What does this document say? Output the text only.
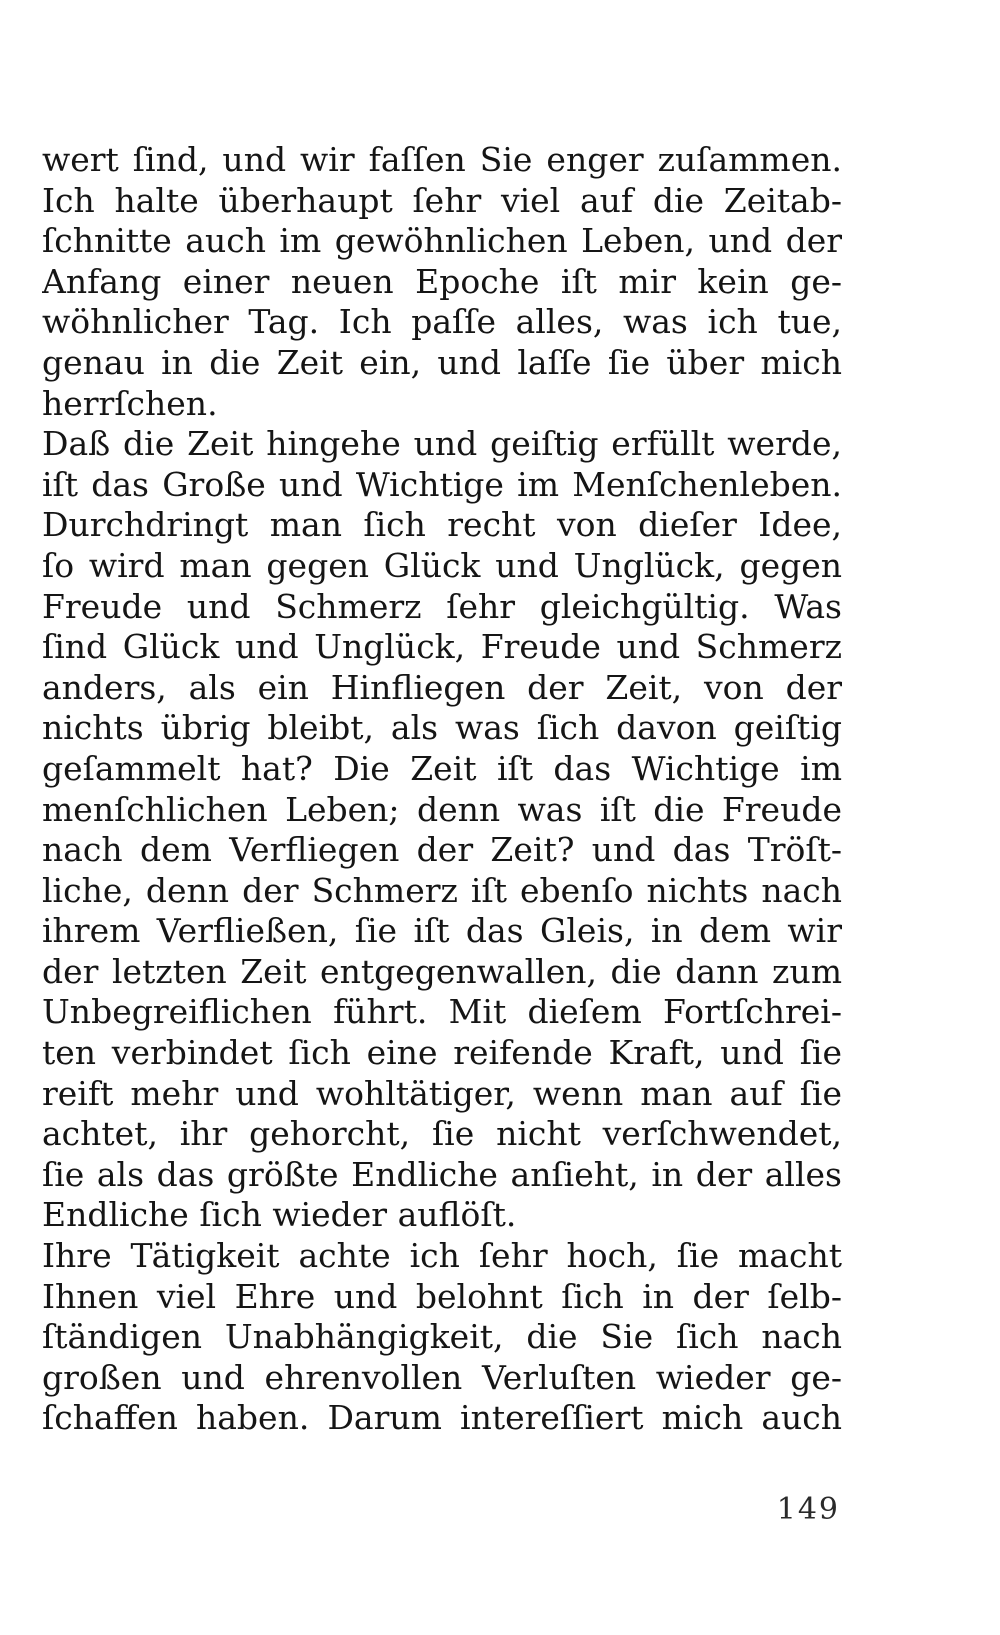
wert ſind, und wir faſſen Sie enger zuſammen.
Ich halte überhaupt ſehr viel auf die Zeitab-
ſchnitte auch im gewöhnlichen Leben, und der
Anfang einer neuen Epoche iſt mir kein ge-
wöhnlicher Tag. Ich paſſe alles, was ich tue,
genau in die Zeit ein, und laſſe ſie über mich
herrſchen.
Daß die Zeit hingehe und geiſtig erfüllt werde,
iſt das Große und Wichtige im Menſchenleben.
Durchdringt man ſich recht von dieſer Idee,
ſo wird man gegen Glück und Unglück, gegen
Freude und Schmerz ſehr gleichgültig. Was
ſind Glück und Unglück, Freude und Schmerz
anders, als ein Hinfliegen der Zeit, von der
nichts übrig bleibt, als was ſich davon geiſtig
geſammelt hat? Die Zeit iſt das Wichtige im
menſchlichen Leben; denn was iſt die Freude
nach dem Verfliegen der Zeit? und das Tröſt-
liche, denn der Schmerz iſt ebenſo nichts nach
ihrem Verfließen, ſie iſt das Gleis, in dem wir
der letzten Zeit entgegenwallen, die dann zum
Unbegreiflichen führt. Mit dieſem Fortſchrei-
ten verbindet ſich eine reifende Kraft, und ſie
reift mehr und wohltätiger, wenn man auf ſie
achtet, ihr gehorcht, ſie nicht verſchwendet,
ſie als das größte Endliche anſieht, in der alles
Endliche ſich wieder auflöſt.
Ihre Tätigkeit achte ich ſehr hoch, ſie macht
Ihnen viel Ehre und belohnt ſich in der ſelb-
ſtändigen Unabhängigkeit, die Sie ſich nach
großen und ehrenvollen Verluſten wieder ge-
ſchaffen haben. Darum intereſſiert mich auch
149
